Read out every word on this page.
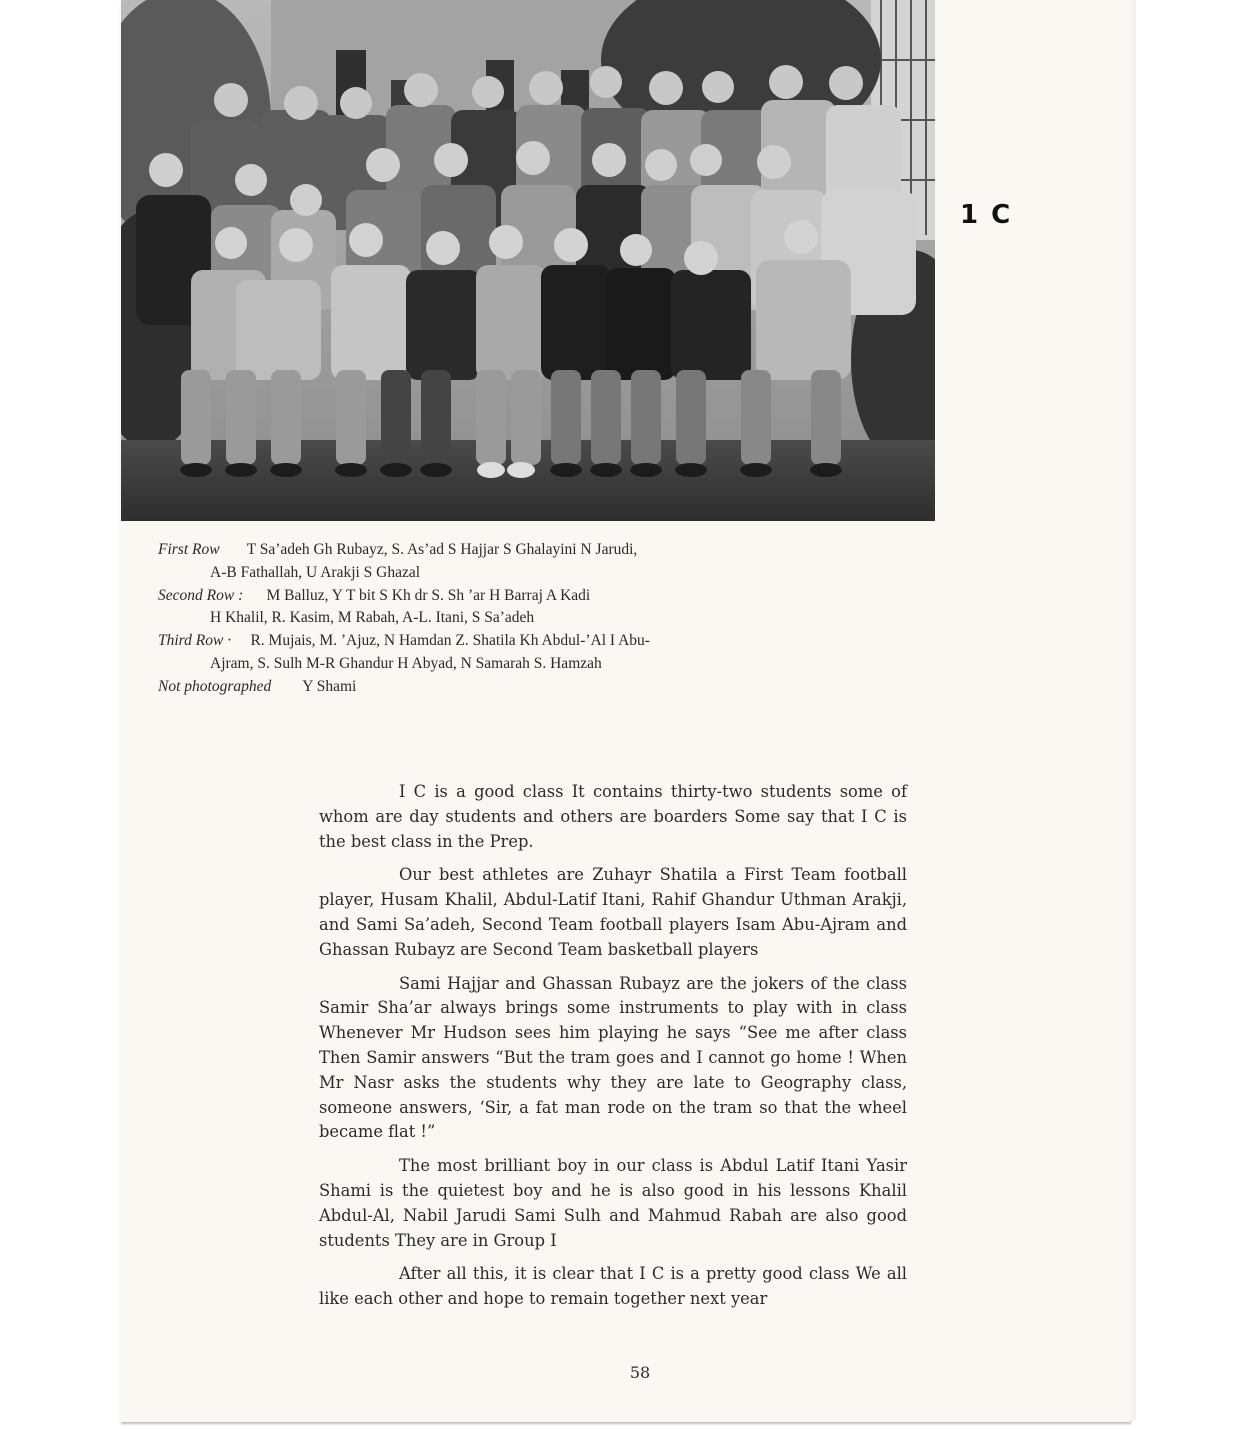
1 C

First Row T Sa’adeh Gh Rubayz, S. As’ad S Hajjar S Ghalayini N Jarudi,
A-B Fathallah, U Arakji S Ghazal

Second Row : M Balluz, Y T bit S Kh dr S. Sh ’ar H Barraj A Kadi
H Khalil, R. Kasim, M Rabah, A-L. Itani, S Sa’adeh

Third Row · R. Mujais, M. ’Ajuz, N Hamdan Z. Shatila Kh Abdul-’Al I Abu-
Ajram, S. Sulh M-R Ghandur H Abyad, N Samarah S. Hamzah

Not photographed Y Shami

I C is a good class It contains thirty-two students some of whom are day students and others are boarders Some say that I C is the best class in the Prep.

Our best athletes are Zuhayr Shatila a First Team football player, Husam Khalil, Abdul-Latif Itani, Rahif Ghandur Uthman Arakji, and Sami Sa’adeh, Second Team football players Isam Abu-Ajram and Ghassan Rubayz are Second Team basketball players

Sami Hajjar and Ghassan Rubayz are the jokers of the class Samir Sha’ar always brings some instruments to play with in class Whenever Mr Hudson sees him playing he says “See me after class Then Samir answers “But the tram goes and I cannot go home ! When Mr Nasr asks the students why they are late to Geography class, someone answers, ‘Sir, a fat man rode on the tram so that the wheel became flat !”

The most brilliant boy in our class is Abdul Latif Itani Yasir Shami is the quietest boy and he is also good in his lessons Khalil Abdul-Al, Nabil Jarudi Sami Sulh and Mahmud Rabah are also good students They are in Group I

After all this, it is clear that I C is a pretty good class We all like each other and hope to remain together next year

58
